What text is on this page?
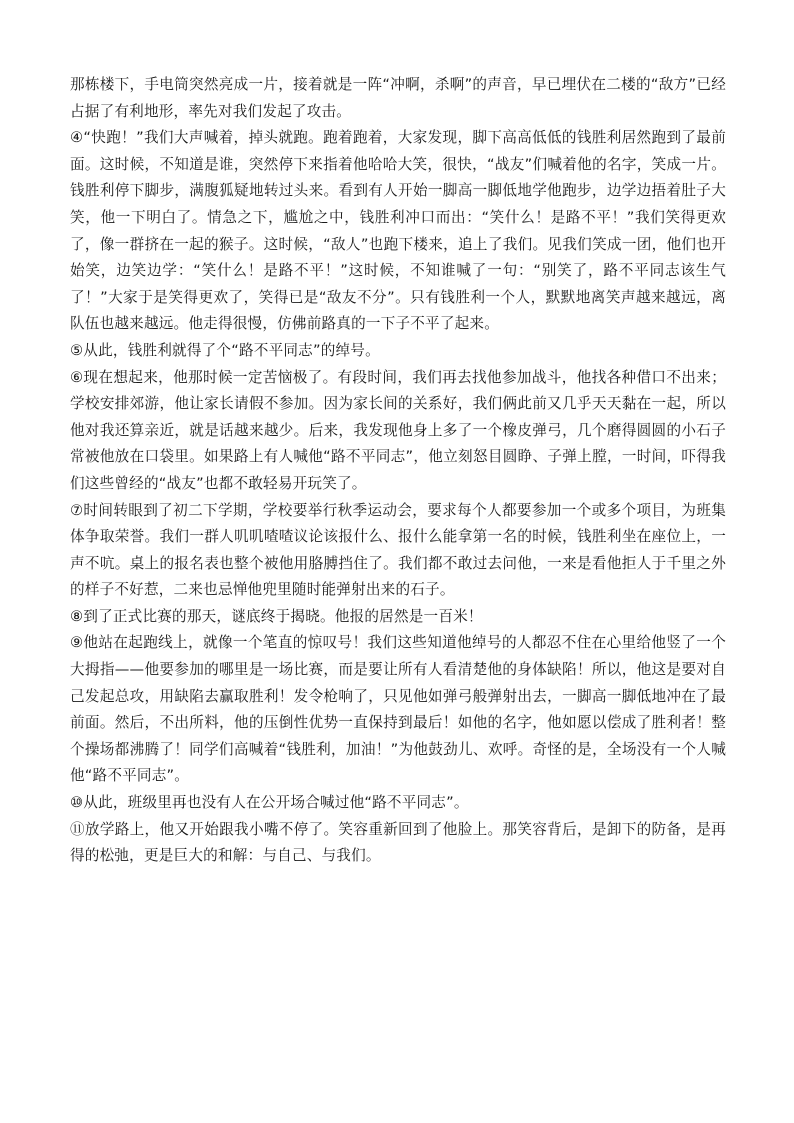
那栋楼下，手电筒突然亮成一片，接着就是一阵“冲啊，杀啊”的声音，早已埋伏在二楼的“敌方”已经占据了有利地形，率先对我们发起了攻击。

④“快跑！”我们大声喊着，掉头就跑。跑着跑着，大家发现，脚下高高低低的钱胜利居然跑到了最前面。这时候，不知道是谁，突然停下来指着他哈哈大笑，很快，“战友”们喊着他的名字，笑成一片。钱胜利停下脚步，满腹狐疑地转过头来。看到有人开始一脚高一脚低地学他跑步，边学边捂着肚子大笑，他一下明白了。情急之下，尴尬之中，钱胜利冲口而出：“笑什么！是路不平！”我们笑得更欢了，像一群挤在一起的猴子。这时候，“敌人”也跑下楼来，追上了我们。见我们笑成一团，他们也开始笑，边笑边学：“笑什么！是路不平！”这时候，不知谁喊了一句：“别笑了，路不平同志该生气了！”大家于是笑得更欢了，笑得已是“敌友不分”。只有钱胜利一个人，默默地离笑声越来越远，离队伍也越来越远。他走得很慢，仿佛前路真的一下子不平了起来。

⑤从此，钱胜利就得了个“路不平同志”的绰号。

⑥现在想起来，他那时候一定苦恼极了。有段时间，我们再去找他参加战斗，他找各种借口不出来；学校安排郊游，他让家长请假不参加。因为家长间的关系好，我们俩此前又几乎天天黏在一起，所以他对我还算亲近，就是话越来越少。后来，我发现他身上多了一个橡皮弹弓，几个磨得圆圆的小石子常被他放在口袋里。如果路上有人喊他“路不平同志”，他立刻怒目圆睁、子弹上膛，一时间，吓得我们这些曾经的“战友”也都不敢轻易开玩笑了。

⑦时间转眼到了初二下学期，学校要举行秋季运动会，要求每个人都要参加一个或多个项目，为班集体争取荣誉。我们一群人叽叽喳喳议论该报什么、报什么能拿第一名的时候，钱胜利坐在座位上，一声不吭。桌上的报名表也整个被他用胳膊挡住了。我们都不敢过去问他，一来是看他拒人于千里之外的样子不好惹，二来也忌惮他兜里随时能弹射出来的石子。

⑧到了正式比赛的那天，谜底终于揭晓。他报的居然是一百米！

⑨他站在起跑线上，就像一个笔直的惊叹号！我们这些知道他绰号的人都忍不住在心里给他竖了一个大拇指——他要参加的哪里是一场比赛，而是要让所有人看清楚他的身体缺陷！所以，他这是要对自己发起总攻，用缺陷去赢取胜利！发令枪响了，只见他如弹弓般弹射出去，一脚高一脚低地冲在了最前面。然后，不出所料，他的压倒性优势一直保持到最后！如他的名字，他如愿以偿成了胜利者！整个操场都沸腾了！同学们高喊着“钱胜利，加油！”为他鼓劲儿、欢呼。奇怪的是，全场没有一个人喊他“路不平同志”。

⑩从此，班级里再也没有人在公开场合喊过他“路不平同志”。

⑪放学路上，他又开始跟我小嘴不停了。笑容重新回到了他脸上。那笑容背后，是卸下的防备，是再得的松弛，更是巨大的和解：与自己、与我们。
